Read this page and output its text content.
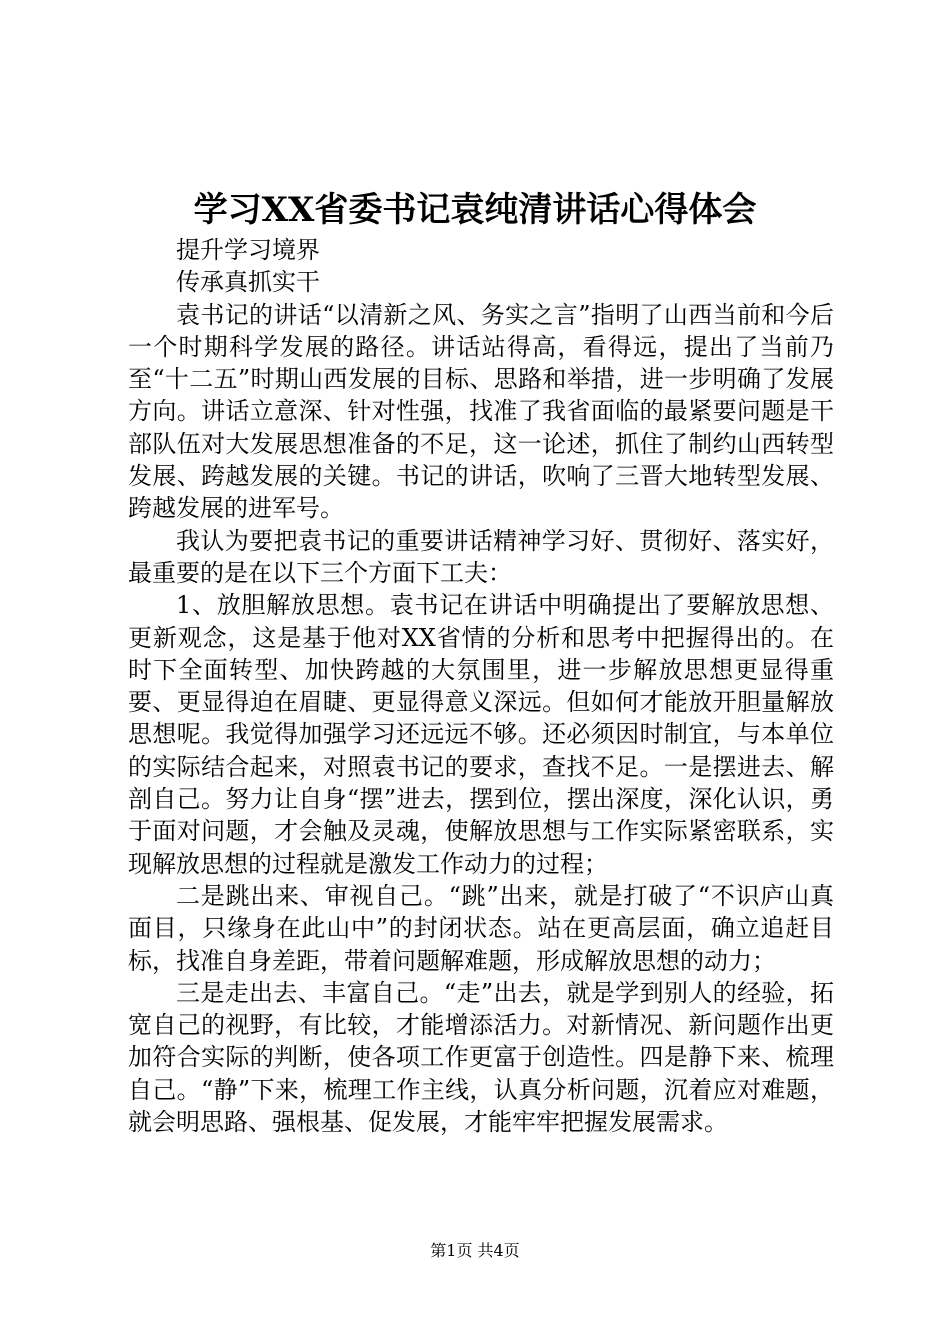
学习XX省委书记袁纯清讲话心得体会

提升学习境界

传承真抓实干

袁书记的讲话“以清新之风、务实之言”指明了山西当前和今后一个时期科学发展的路径。讲话站得高，看得远，提出了当前乃至“十二五”时期山西发展的目标、思路和举措，进一步明确了发展方向。讲话立意深、针对性强，找准了我省面临的最紧要问题是干部队伍对大发展思想准备的不足，这一论述，抓住了制约山西转型发展、跨越发展的关键。书记的讲话，吹响了三晋大地转型发展、跨越发展的进军号。

我认为要把袁书记的重要讲话精神学习好、贯彻好、落实好，最重要的是在以下三个方面下工夫：

1、放胆解放思想。袁书记在讲话中明确提出了要解放思想、更新观念，这是基于他对XX省情的分析和思考中把握得出的。在时下全面转型、加快跨越的大氛围里，进一步解放思想更显得重要、更显得迫在眉睫、更显得意义深远。但如何才能放开胆量解放思想呢。我觉得加强学习还远远不够。还必须因时制宜，与本单位的实际结合起来，对照袁书记的要求，查找不足。一是摆进去、解剖自己。努力让自身“摆”进去，摆到位，摆出深度，深化认识，勇于面对问题，才会触及灵魂，使解放思想与工作实际紧密联系，实现解放思想的过程就是激发工作动力的过程；

二是跳出来、审视自己。“跳”出来，就是打破了“不识庐山真面目，只缘身在此山中”的封闭状态。站在更高层面，确立追赶目标，找准自身差距，带着问题解难题，形成解放思想的动力；

三是走出去、丰富自己。“走”出去，就是学到别人的经验，拓宽自己的视野，有比较，才能增添活力。对新情况、新问题作出更加符合实际的判断，使各项工作更富于创造性。四是静下来、梳理自己。“静”下来，梳理工作主线，认真分析问题，沉着应对难题，就会明思路、强根基、促发展，才能牢牢把握发展需求。

第1页 共4页
